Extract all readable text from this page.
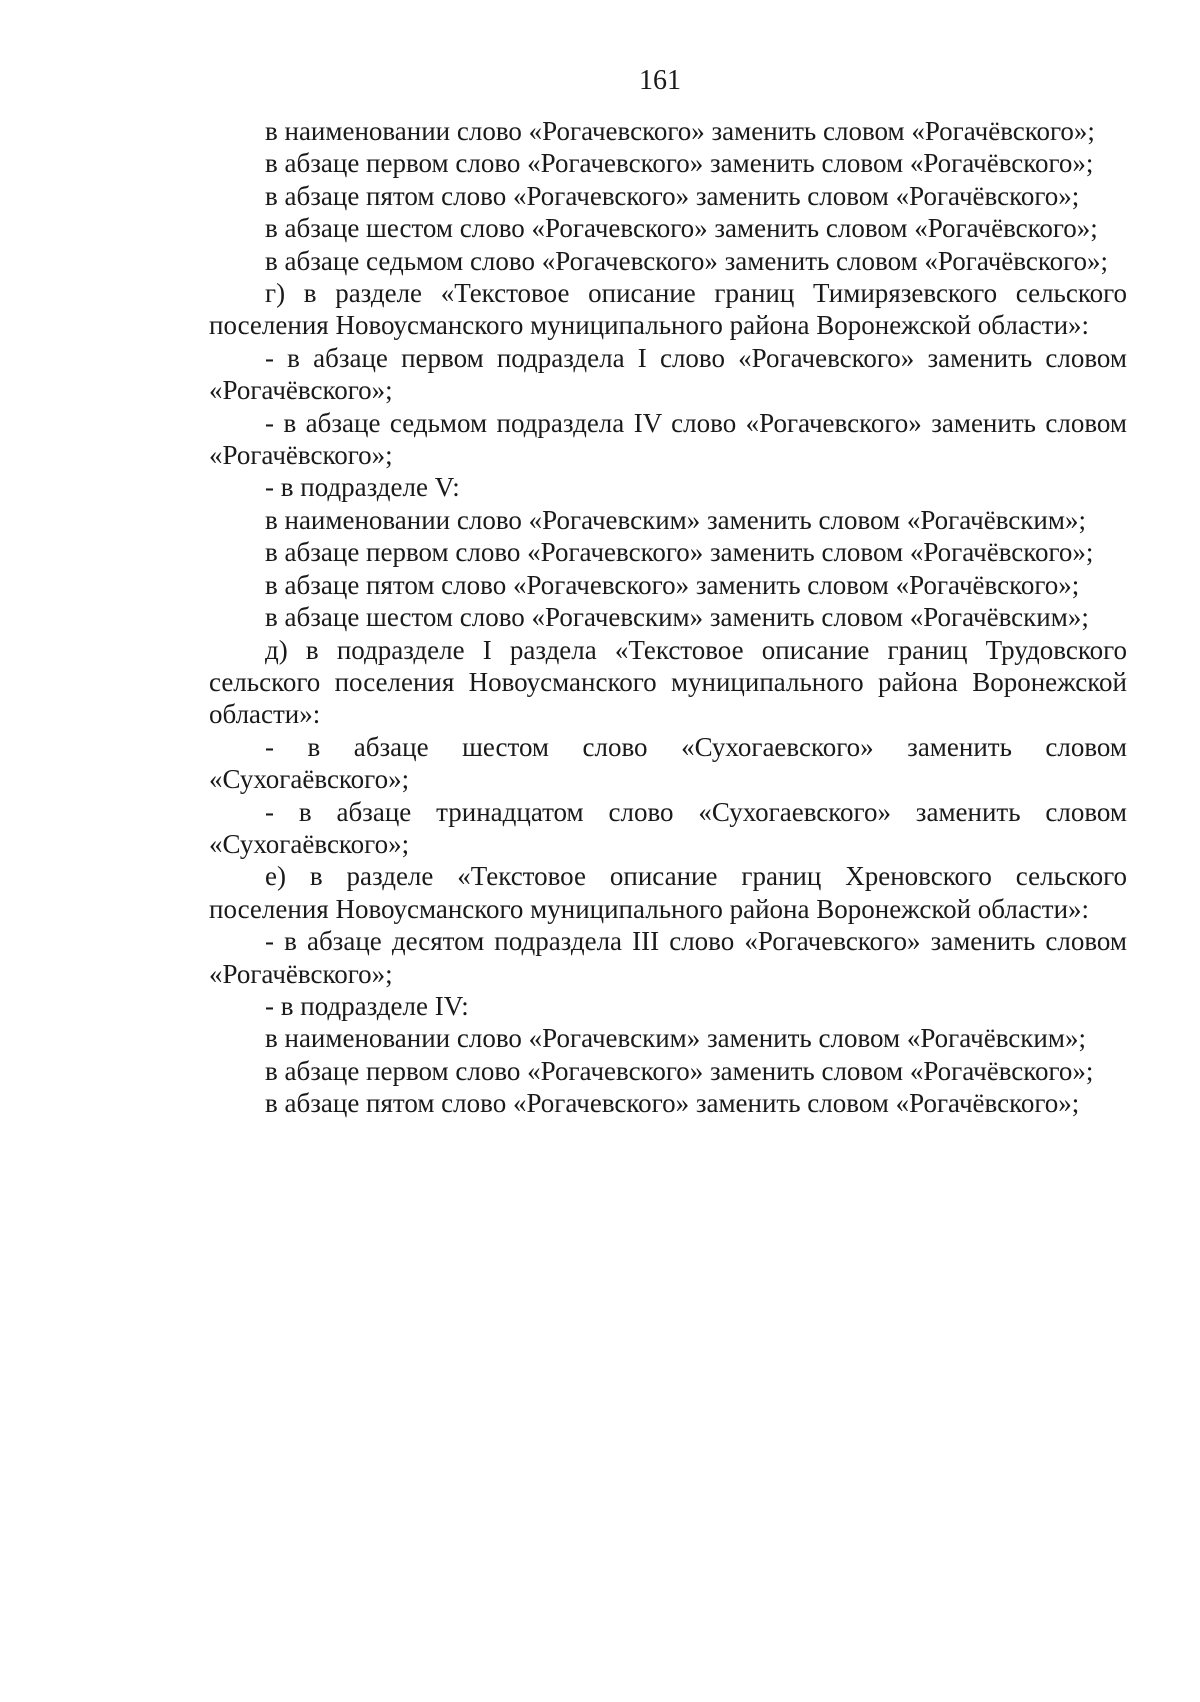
161

в наименовании слово «Рогачевского» заменить словом «Рогачёвского»;

в абзаце первом слово «Рогачевского» заменить словом «Рогачёвского»;

в абзаце пятом слово «Рогачевского» заменить словом «Рогачёвского»;

в абзаце шестом слово «Рогачевского» заменить словом «Рогачёвского»;

в абзаце седьмом слово «Рогачевского» заменить словом «Рогачёвского»;

г) в разделе «Текстовое описание границ Тимирязевского сельского поселения Новоусманского муниципального района Воронежской области»:

- в абзаце первом подраздела I слово «Рогачевского» заменить словом «Рогачёвского»;

- в абзаце седьмом подраздела IV слово «Рогачевского» заменить словом «Рогачёвского»;

- в подразделе V:

в наименовании слово «Рогачевским» заменить словом «Рогачёвским»;

в абзаце первом слово «Рогачевского» заменить словом «Рогачёвского»;

в абзаце пятом слово «Рогачевского» заменить словом «Рогачёвского»;

в абзаце шестом слово «Рогачевским» заменить словом «Рогачёвским»;

д) в подразделе I раздела «Текстовое описание границ Трудовского сельского поселения Новоусманского муниципального района Воронежской области»:

- в абзаце шестом слово «Сухогаевского» заменить словом «Сухогаёвского»;

- в абзаце тринадцатом слово «Сухогаевского» заменить словом «Сухогаёвского»;

е) в разделе «Текстовое описание границ Хреновского сельского поселения Новоусманского муниципального района Воронежской области»:

- в абзаце десятом подраздела III слово «Рогачевского» заменить словом «Рогачёвского»;

- в подразделе IV:

в наименовании слово «Рогачевским» заменить словом «Рогачёвским»;

в абзаце первом слово «Рогачевского» заменить словом «Рогачёвского»;

в абзаце пятом слово «Рогачевского» заменить словом «Рогачёвского»;
